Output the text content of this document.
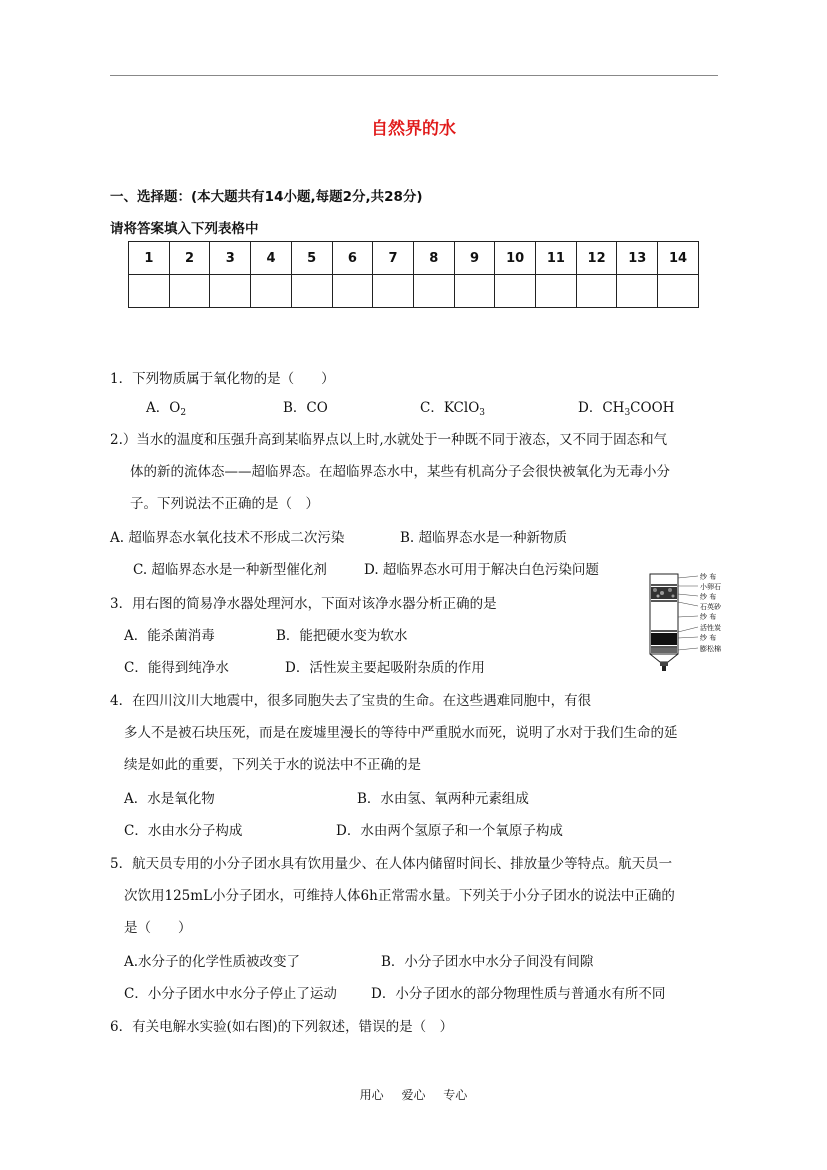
自然界的水
一、选择题：(本大题共有14小题,每题2分,共28分)
请将答案填入下列表格中
1	2	3	4	5	6	7	8	9	10	11	12	13	14

1．下列物质属于氧化物的是（　　）
A．$O_2$	B．CO	C．KClO$_3$	D．$CH_3COOH$
2.）当水的温度和压强升高到某临界点以上时,水就处于一种既不同于液态，又不同于固态和气
体的新的流体态——超临界态。在超临界态水中，某些有机高分子会很快被氧化为无毒小分
子。下列说法不正确的是（　）
A. 超临界态水氧化技术不形成二次污染	B. 超临界态水是一种新物质
C. 超临界态水是一种新型催化剂	D. 超临界态水可用于解决白色污染问题
3．用右图的简易净水器处理河水，下面对该净水器分析正确的是
A．能杀菌消毒	B．能把硬水变为软水
C．能得到纯净水	D．活性炭主要起吸附杂质的作用
纱 布
小卵石
纱 布
石英砂
纱 布
活性炭
纱 布
膨松棉
4．在四川汶川大地震中，很多同胞失去了宝贵的生命。在这些遇难同胞中，有很
多人不是被石块压死，而是在废墟里漫长的等待中严重脱水而死，说明了水对于我们生命的延
续是如此的重要，下列关于水的说法中不正确的是
A．水是氧化物	B．水由氢、氧两种元素组成
C．水由水分子构成	D．水由两个氢原子和一个氧原子构成
5．航天员专用的小分子团水具有饮用量少、在人体内储留时间长、排放量少等特点。航天员一
次饮用125mL小分子团水，可维持人体6h正常需水量。下列关于小分子团水的说法中正确的
是（　　）
A.水分子的化学性质被改变了	B．小分子团水中水分子间没有间隙
C．小分子团水中水分子停止了运动	D．小分子团水的部分物理性质与普通水有所不同
6．有关电解水实验(如右图)的下列叙述，错误的是（　）
用心 爱心 专心
